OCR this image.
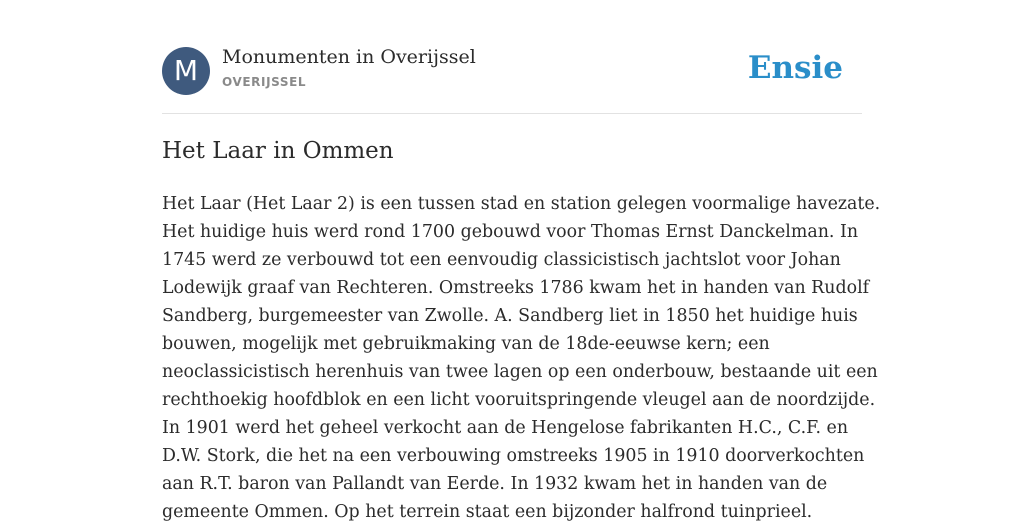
M	Monumenten in Overijssel
OVERIJSSEL	Ensie
Het Laar in Ommen
Het Laar (Het Laar 2) is een tussen stad en station gelegen voormalige havezate.
Het huidige huis werd rond 1700 gebouwd voor Thomas Ernst Danckelman. In
1745 werd ze verbouwd tot een eenvoudig classicistisch jachtslot voor Johan
Lodewijk graaf van Rechteren. Omstreeks 1786 kwam het in handen van Rudolf
Sandberg, burgemeester van Zwolle. A. Sandberg liet in 1850 het huidige huis
bouwen, mogelijk met gebruikmaking van de 18de-eeuwse kern; een
neoclassicistisch herenhuis van twee lagen op een onderbouw, bestaande uit een
rechthoekig hoofdblok en een licht vooruitspringende vleugel aan de noordzijde.
In 1901 werd het geheel verkocht aan de Hengelose fabrikanten H.C., C.F. en
D.W. Stork, die het na een verbouwing omstreeks 1905 in 1910 doorverkochten
aan R.T. baron van Pallandt van Eerde. In 1932 kwam het in handen van de
gemeente Ommen. Op het terrein staat een bijzonder halfrond tuinprieel.
